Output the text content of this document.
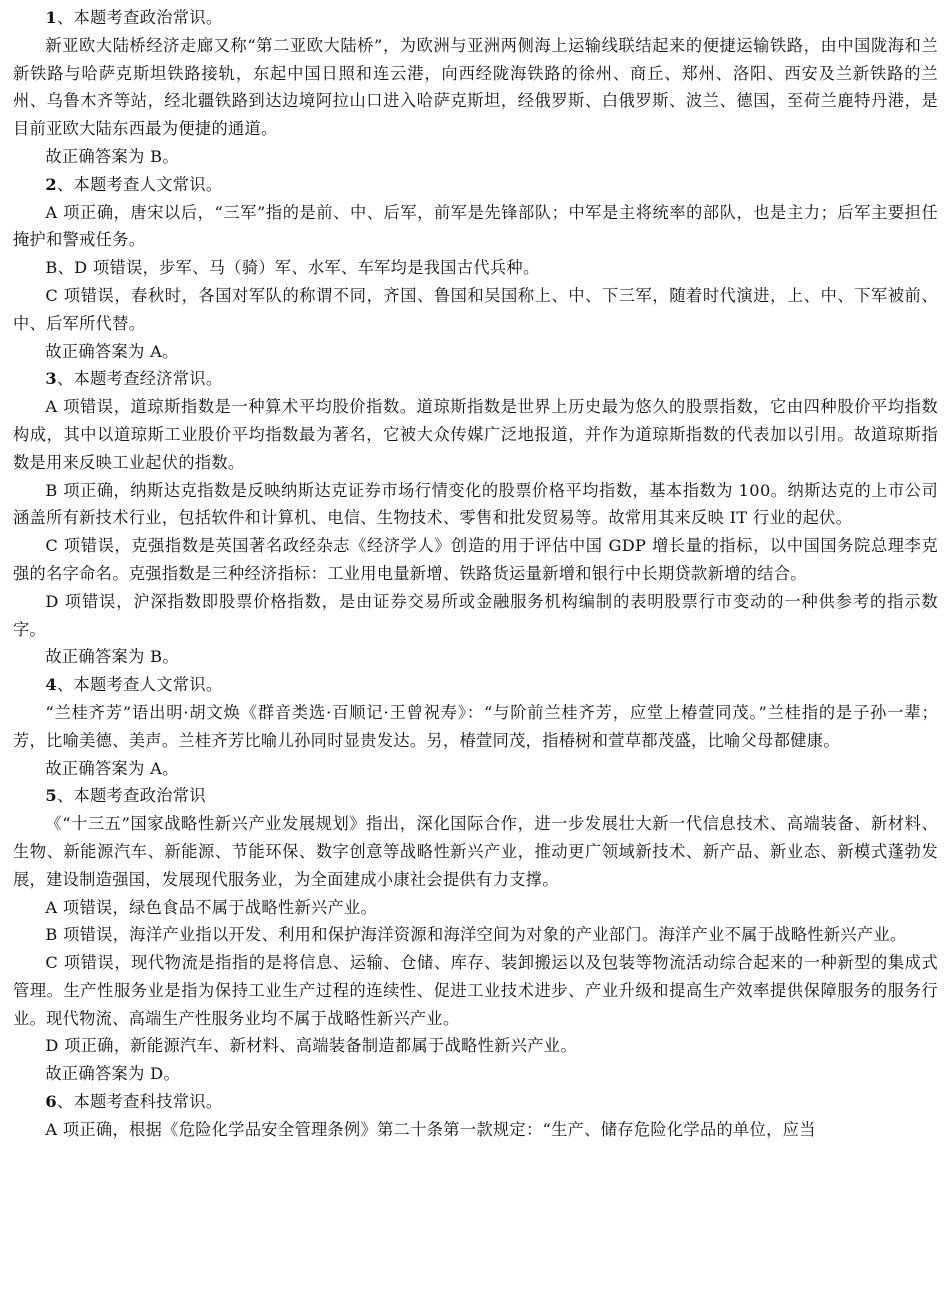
1、本题考查政治常识。

新亚欧大陆桥经济走廊又称“第二亚欧大陆桥”，为欧洲与亚洲两侧海上运输线联结起来的便捷运输铁路，由中国陇海和兰新铁路与哈萨克斯坦铁路接轨，东起中国日照和连云港，向西经陇海铁路的徐州、商丘、郑州、洛阳、西安及兰新铁路的兰州、乌鲁木齐等站，经北疆铁路到达边境阿拉山口进入哈萨克斯坦，经俄罗斯、白俄罗斯、波兰、德国，至荷兰鹿特丹港，是目前亚欧大陆东西最为便捷的通道。

故正确答案为 B。

2、本题考查人文常识。

A 项正确，唐宋以后，“三军”指的是前、中、后军，前军是先锋部队；中军是主将统率的部队，也是主力；后军主要担任掩护和警戒任务。

B、D 项错误，步军、马（骑）军、水军、车军均是我国古代兵种。

C 项错误，春秋时，各国对军队的称谓不同，齐国、鲁国和吴国称上、中、下三军，随着时代演进，上、中、下军被前、中、后军所代替。

故正确答案为 A。

3、本题考查经济常识。

A 项错误，道琼斯指数是一种算术平均股价指数。道琼斯指数是世界上历史最为悠久的股票指数，它由四种股价平均指数构成，其中以道琼斯工业股价平均指数最为著名，它被大众传媒广泛地报道，并作为道琼斯指数的代表加以引用。故道琼斯指数是用来反映工业起伏的指数。

B 项正确，纳斯达克指数是反映纳斯达克证券市场行情变化的股票价格平均指数，基本指数为 100。纳斯达克的上市公司涵盖所有新技术行业，包括软件和计算机、电信、生物技术、零售和批发贸易等。故常用其来反映 IT 行业的起伏。

C 项错误，克强指数是英国著名政经杂志《经济学人》创造的用于评估中国 GDP 增长量的指标，以中国国务院总理李克强的名字命名。克强指数是三种经济指标：工业用电量新增、铁路货运量新增和银行中长期贷款新增的结合。

D 项错误，沪深指数即股票价格指数，是由证券交易所或金融服务机构编制的表明股票行市变动的一种供参考的指示数字。

故正确答案为 B。

4、本题考查人文常识。

“兰桂齐芳”语出明·胡文焕《群音类选·百顺记·王曾祝寿》：“与阶前兰桂齐芳，应堂上椿萱同茂。”兰桂指的是子孙一辈；芳，比喻美德、美声。兰桂齐芳比喻儿孙同时显贵发达。另，椿萱同茂，指椿树和萱草都茂盛，比喻父母都健康。

故正确答案为 A。

5、本题考查政治常识

《“十三五”国家战略性新兴产业发展规划》指出，深化国际合作，进一步发展壮大新一代信息技术、高端装备、新材料、生物、新能源汽车、新能源、节能环保、数字创意等战略性新兴产业，推动更广领域新技术、新产品、新业态、新模式蓬勃发展，建设制造强国，发展现代服务业，为全面建成小康社会提供有力支撑。

A 项错误，绿色食品不属于战略性新兴产业。

B 项错误，海洋产业指以开发、利用和保护海洋资源和海洋空间为对象的产业部门。海洋产业不属于战略性新兴产业。

C 项错误，现代物流是指指的是将信息、运输、仓储、库存、装卸搬运以及包装等物流活动综合起来的一种新型的集成式管理。生产性服务业是指为保持工业生产过程的连续性、促进工业技术进步、产业升级和提高生产效率提供保障服务的服务行业。现代物流、高端生产性服务业均不属于战略性新兴产业。

D 项正确，新能源汽车、新材料、高端装备制造都属于战略性新兴产业。

故正确答案为 D。

6、本题考查科技常识。

A 项正确，根据《危险化学品安全管理条例》第二十条第一款规定：“生产、储存危险化学品的单位，应当
